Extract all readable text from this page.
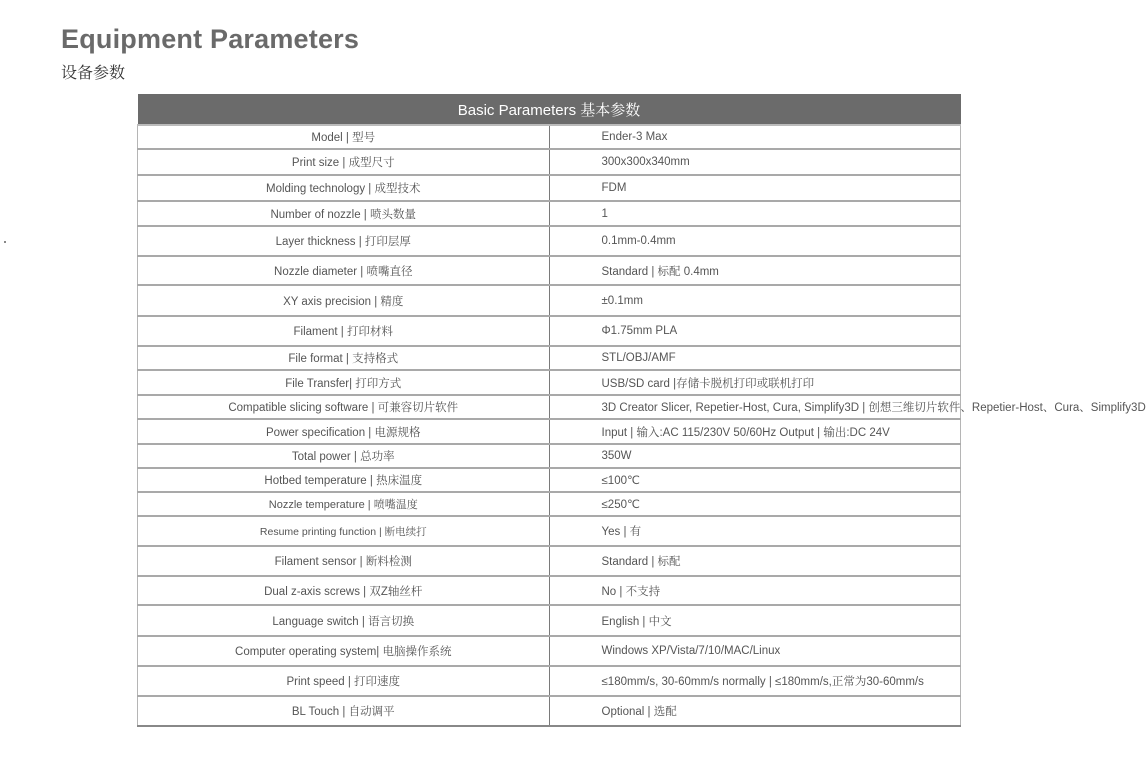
Equipment Parameters
设备参数
Basic Parameters 基本参数	
Model | 型号	Ender-3 Max
Print size | 成型尺寸	300x300x340mm
Molding technology | 成型技术	FDM
Number of nozzle | 喷头数量	1
Layer thickness | 打印层厚	0.1mm-0.4mm
Nozzle diameter | 喷嘴直径	Standard | 标配 0.4mm
XY axis precision | 精度	±0.1mm
Filament | 打印材料	Φ1.75mm PLA
File format | 支持格式	STL/OBJ/AMF
File Transfer| 打印方式	USB/SD card |存储卡脱机打印或联机打印
Compatible slicing software | 可兼容切片软件	3D Creator Slicer, Repetier-Host, Cura, Simplify3D | 创想三维切片软件、Repetier-Host、Cura、Simplify3D
Power specification | 电源规格	Input | 输入:AC 115/230V 50/60Hz Output | 输出:DC 24V
Total power | 总功率	350W
Hotbed temperature | 热床温度	≤100℃
Nozzle temperature | 喷嘴温度	≤250℃
Resume printing function | 断电续打	Yes | 有
Filament sensor | 断料检测	Standard | 标配
Dual z-axis screws | 双Z轴丝杆	No | 不支持
Language switch | 语言切换	English | 中文
Computer operating system| 电脑操作系统	Windows XP/Vista/7/10/MAC/Linux
Print speed | 打印速度	≤180mm/s, 30-60mm/s normally | ≤180mm/s,正常为30-60mm/s
BL Touch | 自动调平	Optional | 选配
